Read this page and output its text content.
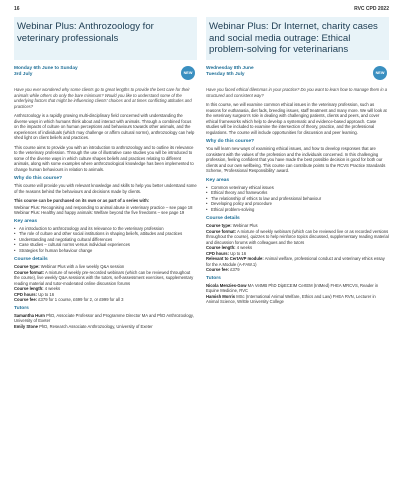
16	RVC CPD 2022
Webinar Plus: Anthrozoology for veterinary professionals
Monday 6th June to Sunday 3rd July	NEW
Have you ever wondered why some clients go to great lengths to provide the best care for their animals while others do only the bare minimum? Would you like to understand some of the underlying factors that might be influencing clients' choices and at times conflicting attitudes and practices?
Anthrozoology is a rapidly growing multi-disciplinary field concerned with understanding the diverse ways in which humans think about and interact with animals. Through a combined focus on the impacts of culture on human perceptions and behaviours towards other animals, and the experiences of individuals (which may challenge or affirm cultural norms), anthrozoology can help shed light on client beliefs and practices.
This course aims to provide you with an introduction to anthrozoology and to outline its relevance to the veterinary profession. Through the use of illustrative case studies you will be introduced to some of the diverse ways in which culture shapes beliefs and practices relating to different animals, along with some examples where anthrozoological knowledge has been implemented to change human behaviours in relation to animals.
Why do this course?
This course will provide you with relevant knowledge and skills to help you better understand some of the reasons behind the behaviours and decisions made by clients.
This course can be purchased on its own or as part of a series with:
Webinar Plus: Recognising and responding to animal abuse in veterinary practice – see page 18
Webinar Plus: Healthy and happy animals: Welfare beyond the five freedoms – see page 19
Key areas
• An introduction to anthrozoology and its relevance to the veterinary profession
• The role of culture and other social institutions in shaping beliefs, attitudes and practices
• Understanding and negotiating cultural differences
• Case studies – cultural norms versus individual experiences
• Strategies for human behaviour change
Course details
Course type: Webinar Plus with a live weekly Q&A session
Course format: A mixture of weekly pre-recorded webinars (which can be reviewed throughout the course), live weekly Q&A sessions with the tutors, self-assessment exercises, supplementary reading material and tutor-moderated online discussion forums
Course length: 4 weeks
CPD hours: Up to 16
Course fee: £379 for 1 course, £699 for 2, or £999 for all 3
Tutors
Samantha Hurn PhD, Associate Professor and Programme Director MA and PhD Anthrozoology, University of Exeter
Emily Stone PhD, Research Associate Anthrozoology, University of Exeter
Webinar Plus: Dr Internet, charity cases and social media outrage: Ethical problem-solving for veterinarians
Wednesday 8th June Tuesday 5th July	NEW
Have you faced ethical dilemmas in your practice? Do you want to learn how to manage them in a structured and consistent way?
In this course, we will examine common ethical issues in the veterinary profession, such as reasons for euthanasia, diet fads, breeding issues, staff treatment and many more. We will look at the veterinary surgeon's role in dealing with challenging patients, clients and peers, and cover ethical frameworks which help to develop a systematic and evidence-based approach. Case studies will be included to examine the intersection of theory, practice, and the professional regulations. The course will include opportunities for discussion and peer learning.
Why do this course?
You will learn new ways of examining ethical issues, and how to develop responses that are consistent with the values of the profession and the individuals concerned. In this challenging profession, feeling confident that you have made the best possible decision is good for both our clients and our own wellbeing. This course can contribute points to the RCVS Practice Standards Scheme, 'Professional Responsibility' award.
Key areas
• Common veterinary ethical issues
• Ethical theory and frameworks
• The relationship of ethics to law and professional behaviour
• Developing policy and procedure
• Ethical problem-solving
Course details
Course type: Webinar Plus
Course format: A mixture of weekly webinars (which can be reviewed live or as recorded versions throughout the course), quizzes to help reinforce topics discussed, supplementary reading material and discussion forums with colleagues and the tutors
Course length: 4 weeks
CPD hours: Up to 16
Relevant to CertAVP module: Animal welfare, professional conduct and veterinary ethics essay for the A Module (A-FAW.1)
Course fee: £379
Tutors
Nicola Menzies-Gow MA VetMB PhD DipECEIM CertEM (IntMed) FHEA MRCVS, Reader in Equine Medicine, RVC
Hamish Morris MSc (International Animal Welfare, Ethics and Law) FHEA RVN, Lecturer in Animal Science, Writtle University College
